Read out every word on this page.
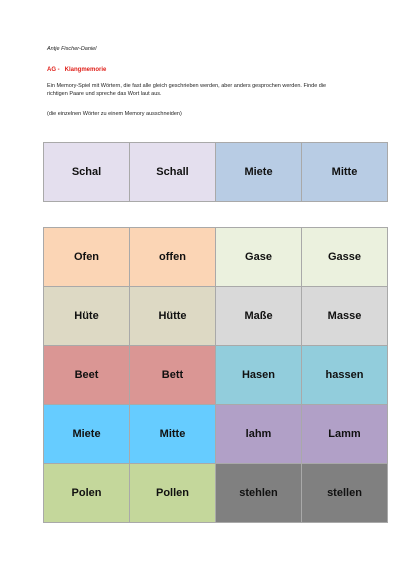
Antje Fischer-Daniel
AG -   Klangmemorie
Ein Memory-Spiel mit Wörtern, die fast alle gleich geschrieben werden, aber anders gesprochen werden. Finde die richtigen Paare und spreche das Wort laut aus.
(die einzelnen Wörter zu einem Memory ausschneiden)
Schal	Schall	Miete	Mitte
Ofen	offen	Gase	Gasse
Hüte	Hütte	Maße	Masse
Beet	Bett	Hasen	hassen
Miete	Mitte	lahm	Lamm
Polen	Pollen	stehlen	stellen
